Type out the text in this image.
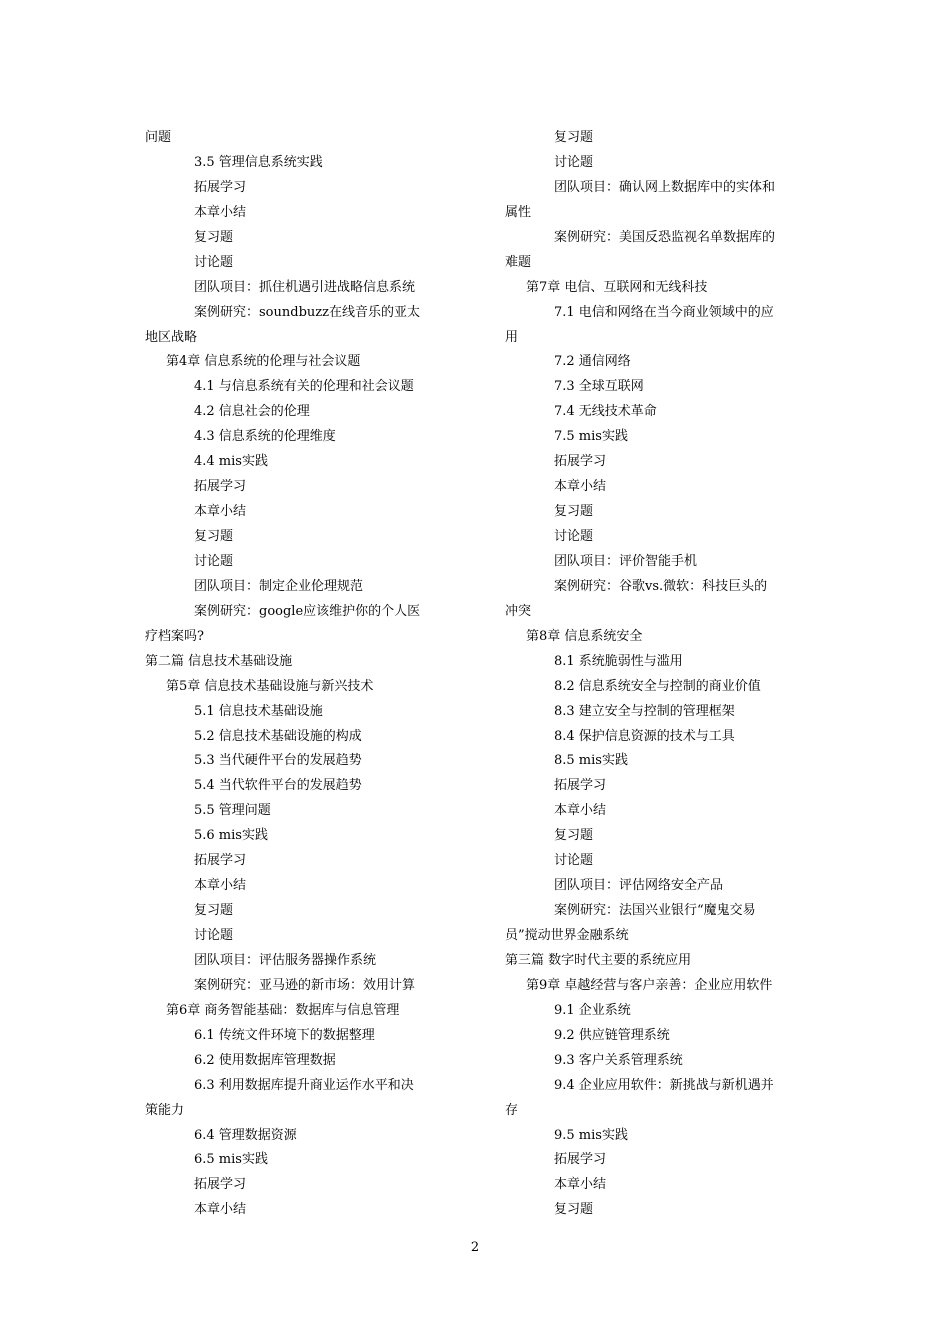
问题
3.5 管理信息系统实践
拓展学习
本章小结
复习题
讨论题
团队项目：抓住机遇引进战略信息系统
案例研究：soundbuzz在线音乐的亚太
地区战略
第4章 信息系统的伦理与社会议题
4.1 与信息系统有关的伦理和社会议题
4.2 信息社会的伦理
4.3 信息系统的伦理维度
4.4 mis实践
拓展学习
本章小结
复习题
讨论题
团队项目：制定企业伦理规范
案例研究：google应该维护你的个人医
疗档案吗?
第二篇 信息技术基础设施
第5章 信息技术基础设施与新兴技术
5.1 信息技术基础设施
5.2 信息技术基础设施的构成
5.3 当代硬件平台的发展趋势
5.4 当代软件平台的发展趋势
5.5 管理问题
5.6 mis实践
拓展学习
本章小结
复习题
讨论题
团队项目：评估服务器操作系统
案例研究：亚马逊的新市场：效用计算
第6章 商务智能基础：数据库与信息管理
6.1 传统文件环境下的数据整理
6.2 使用数据库管理数据
6.3 利用数据库提升商业运作水平和决
策能力
6.4 管理数据资源
6.5 mis实践
拓展学习
本章小结
复习题
讨论题
团队项目：确认网上数据库中的实体和
属性
案例研究：美国反恐监视名单数据库的
难题
第7章 电信、互联网和无线科技
7.1 电信和网络在当今商业领域中的应
用
7.2 通信网络
7.3 全球互联网
7.4 无线技术革命
7.5 mis实践
拓展学习
本章小结
复习题
讨论题
团队项目：评价智能手机
案例研究：谷歌vs.微软：科技巨头的
冲突
第8章 信息系统安全
8.1 系统脆弱性与滥用
8.2 信息系统安全与控制的商业价值
8.3 建立安全与控制的管理框架
8.4 保护信息资源的技术与工具
8.5 mis实践
拓展学习
本章小结
复习题
讨论题
团队项目：评估网络安全产品
案例研究：法国兴业银行“魔鬼交易
员”搅动世界金融系统
第三篇 数字时代主要的系统应用
第9章 卓越经营与客户亲善：企业应用软件
9.1 企业系统
9.2 供应链管理系统
9.3 客户关系管理系统
9.4 企业应用软件：新挑战与新机遇并
存
9.5 mis实践
拓展学习
本章小结
复习题
2
